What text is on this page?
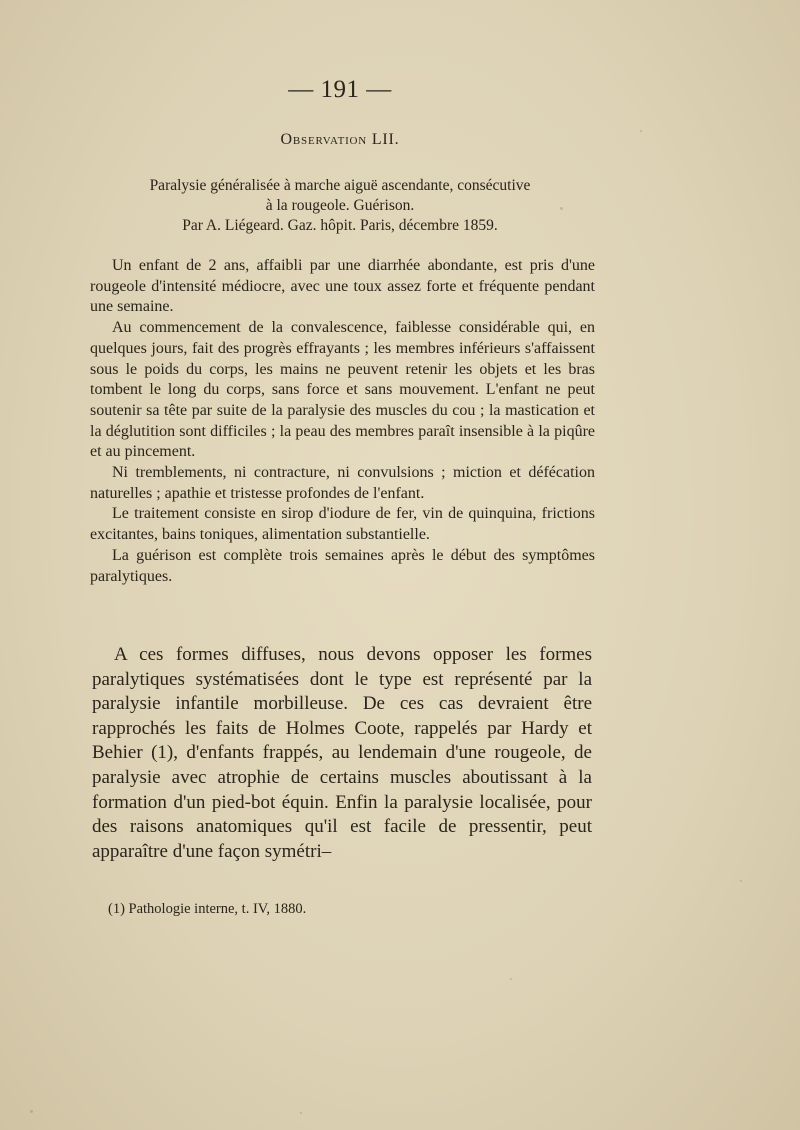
— 191 —
Observation LII.
Paralysie généralisée à marche aiguë ascendante, consécutive
à la rougeole. Guérison.
Par A. Liégeard. Gaz. hôpit. Paris, décembre 1859.

Un enfant de 2 ans, affaibli par une diarrhée abondante, est pris d'une rougeole d'intensité médiocre, avec une toux assez forte et fréquente pendant une semaine.

Au commencement de la convalescence, faiblesse considérable qui, en quelques jours, fait des progrès effrayants ; les membres inférieurs s'affaissent sous le poids du corps, les mains ne peuvent retenir les objets et les bras tombent le long du corps, sans force et sans mouvement. L'enfant ne peut soutenir sa tête par suite de la paralysie des muscles du cou ; la mastication et la déglutition sont difficiles ; la peau des membres paraît insensible à la piqûre et au pincement.

Ni tremblements, ni contracture, ni convulsions ; miction et défécation naturelles ; apathie et tristesse profondes de l'enfant.

Le traitement consiste en sirop d'iodure de fer, vin de quinquina, frictions excitantes, bains toniques, alimentation substantielle.

La guérison est complète trois semaines après le début des symptômes paralytiques.

A ces formes diffuses, nous devons opposer les formes paralytiques systématisées dont le type est représenté par la paralysie infantile morbilleuse. De ces cas devraient être rapprochés les faits de Holmes Coote, rappelés par Hardy et Behier (1), d'enfants frappés, au lendemain d'une rougeole, de paralysie avec atrophie de certains muscles aboutissant à la formation d'un pied-bot équin. Enfin la paralysie localisée, pour des raisons anatomiques qu'il est facile de pressentir, peut apparaître d'une façon symétri–

(1) Pathologie interne, t. IV, 1880.
